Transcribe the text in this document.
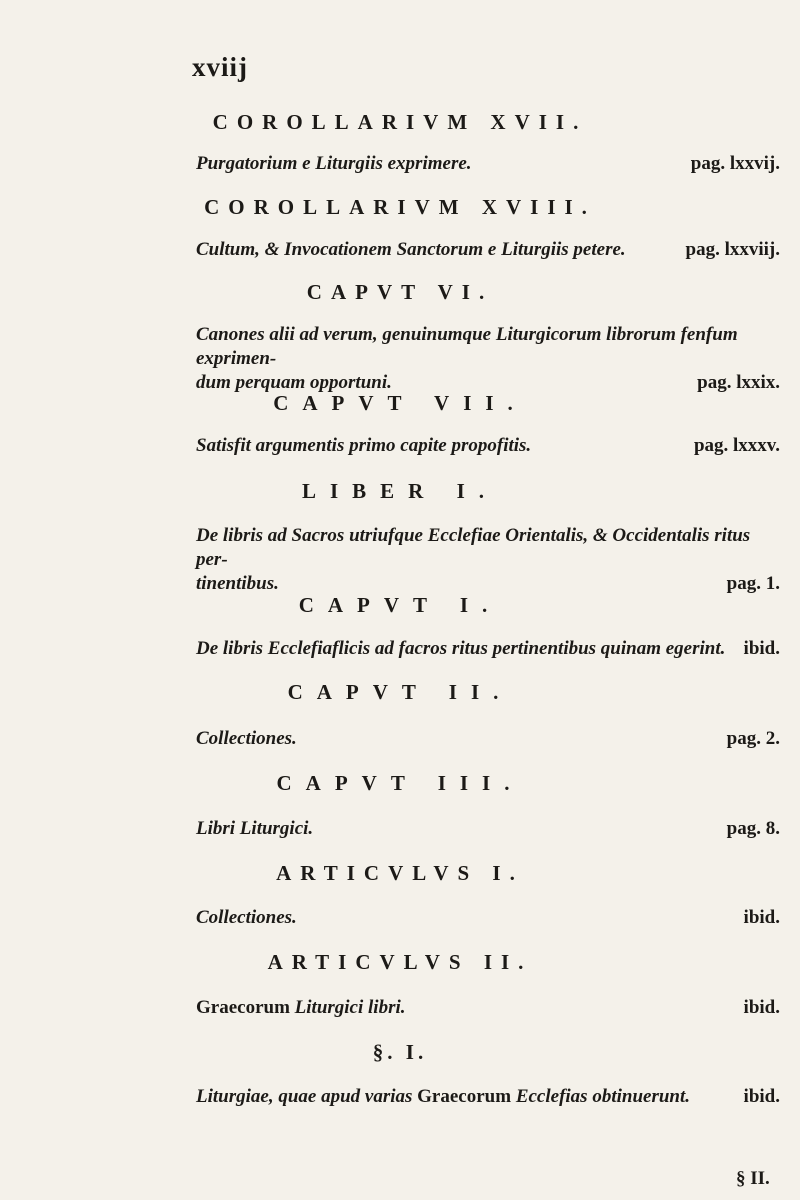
xviij
COROLLARIVM XVII.
Purgatorium e Liturgiis exprimere.	pag. lxxvij.
COROLLARIVM XVIII.
Cultum, & Invocationem Sanctorum e Liturgiis petere.	pag. lxxviij.
CAPVT VI.
Canones alii ad verum, genuinumque Liturgicorum librorum fenfum exprimen-
dum perquam opportuni.	pag. lxxix.
CAPVT VII.
Satisfit argumentis primo capite propofitis.	pag. lxxxv.
LIBER I.
De libris ad Sacros utriufque Ecclefiae Orientalis, & Occidentalis ritus per-
tinentibus.	pag. 1.
CAPVT I.
De libris Ecclefiaflicis ad facros ritus pertinentibus quinam egerint. ibid.
CAPVT II.
Collectiones.	pag. 2.
CAPVT III.
Libri Liturgici.	pag. 8.
ARTICVLVS I.
Collectiones.	ibid.
ARTICVLVS II.
Graecorum Liturgici libri.	ibid.
§. I.
Liturgiae, quae apud varias Graecorum Ecclefias obtinuerunt.	ibid.
§ II.
